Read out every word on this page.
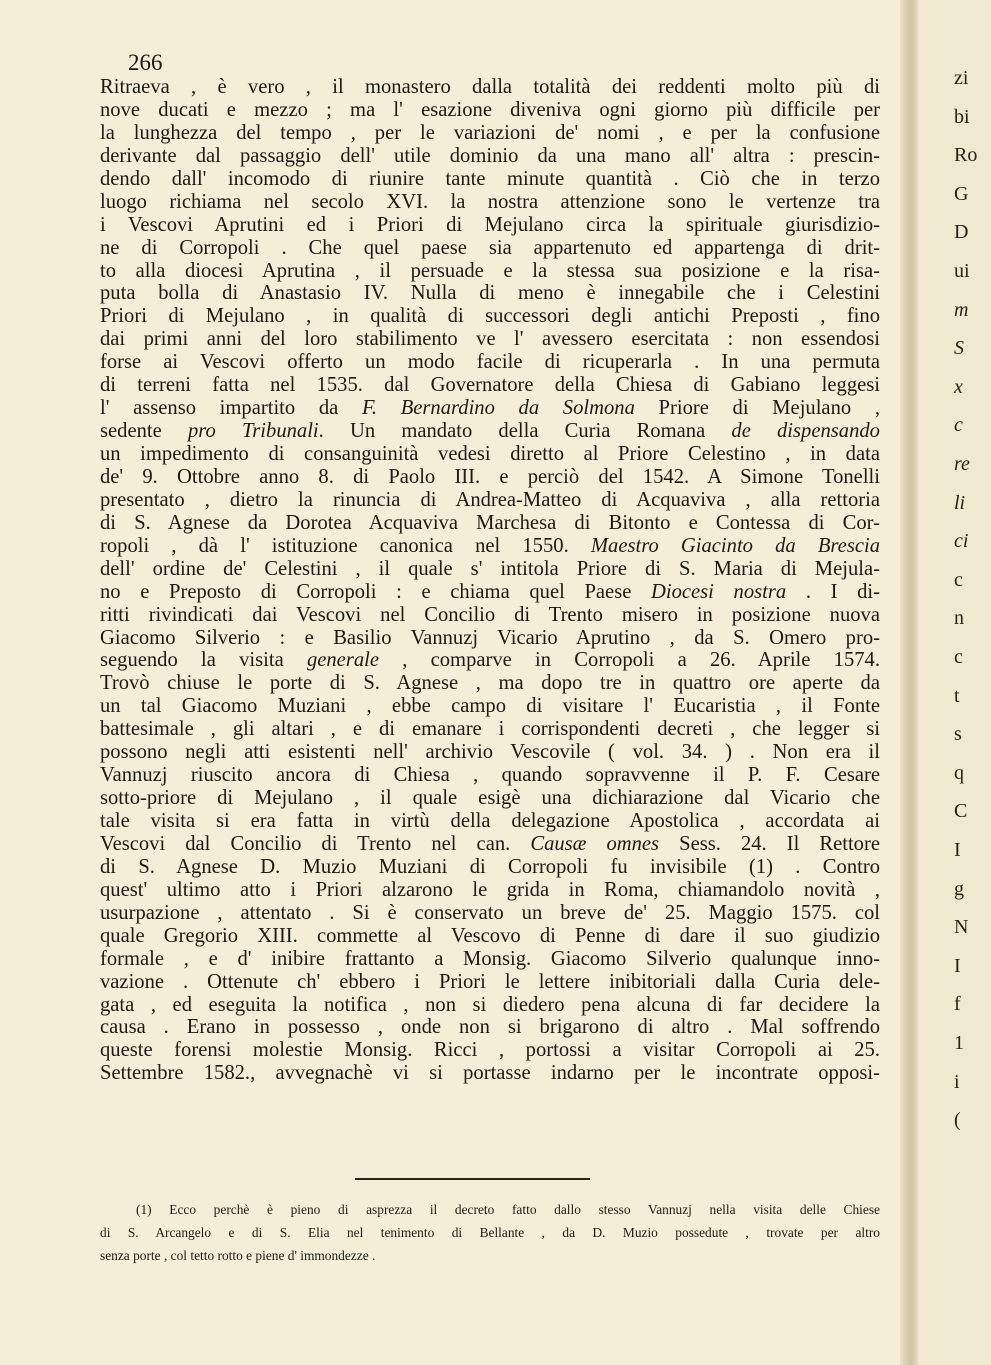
266
Ritraeva , è vero , il monastero dalla totalità dei reddenti molto più di
nove ducati e mezzo ; ma l' esazione diveniva ogni giorno più difficile per
la lunghezza del tempo , per le variazioni de' nomi , e per la confusione
derivante dal passaggio dell' utile dominio da una mano all' altra : prescin-
dendo dall' incomodo di riunire tante minute quantità . Ciò che in terzo
luogo richiama nel secolo XVI. la nostra attenzione sono le vertenze tra
i Vescovi Aprutini ed i Priori di Mejulano circa la spirituale giurisdizio-
ne di Corropoli . Che quel paese sia appartenuto ed appartenga di drit-
to alla diocesi Aprutina , il persuade e la stessa sua posizione e la risa-
puta bolla di Anastasio IV. Nulla di meno è innegabile che i Celestini
Priori di Mejulano , in qualità di successori degli antichi Preposti , fino
dai primi anni del loro stabilimento ve l' avessero esercitata : non essendosi
forse ai Vescovi offerto un modo facile di ricuperarla . In una permuta
di terreni fatta nel 1535. dal Governatore della Chiesa di Gabiano leggesi
l' assenso impartito da F. Bernardino da Solmona Priore di Mejulano ,
sedente pro Tribunali. Un mandato della Curia Romana de dispensando
un impedimento di consanguinità vedesi diretto al Priore Celestino , in data
de' 9. Ottobre anno 8. di Paolo III. e perciò del 1542. A Simone Tonelli
presentato , dietro la rinuncia di Andrea-Matteo di Acquaviva , alla rettoria
di S. Agnese da Dorotea Acquaviva Marchesa di Bitonto e Contessa di Cor-
ropoli , dà l' istituzione canonica nel 1550. Maestro Giacinto da Brescia
dell' ordine de' Celestini , il quale s' intitola Priore di S. Maria di Mejula-
no e Preposto di Corropoli : e chiama quel Paese Diocesi nostra . I di-
ritti rivindicati dai Vescovi nel Concilio di Trento misero in posizione nuova
Giacomo Silverio : e Basilio Vannuzj Vicario Aprutino , da S. Omero pro-
seguendo la visita generale , comparve in Corropoli a 26. Aprile 1574.
Trovò chiuse le porte di S. Agnese , ma dopo tre in quattro ore aperte da
un tal Giacomo Muziani , ebbe campo di visitare l' Eucaristia , il Fonte
battesimale , gli altari , e di emanare i corrispondenti decreti , che legger si
possono negli atti esistenti nell' archivio Vescovile ( vol. 34. ) . Non era il
Vannuzj riuscito ancora di Chiesa , quando sopravvenne il P. F. Cesare
sotto-priore di Mejulano , il quale esigè una dichiarazione dal Vicario che
tale visita si era fatta in virtù della delegazione Apostolica , accordata ai
Vescovi dal Concilio di Trento nel can. Causæ omnes Sess. 24. Il Rettore
di S. Agnese D. Muzio Muziani di Corropoli fu invisibile (1) . Contro
quest' ultimo atto i Priori alzarono le grida in Roma, chiamandolo novità ,
usurpazione , attentato . Si è conservato un breve de' 25. Maggio 1575. col
quale Gregorio XIII. commette al Vescovo di Penne di dare il suo giudizio
formale , e d' inibire frattanto a Monsig. Giacomo Silverio qualunque inno-
vazione . Ottenute ch' ebbero i Priori le lettere inibitoriali dalla Curia dele-
gata , ed eseguita la notifica , non si diedero pena alcuna di far decidere la
causa . Erano in possesso , onde non si brigarono di altro . Mal soffrendo
queste forensi molestie Monsig. Ricci , portossi a visitar Corropoli ai 25.
Settembre 1582., avvegnachè vi si portasse indarno per le incontrate opposi-
(1) Ecco perchè è pieno di asprezza il decreto fatto dallo stesso Vannuzj nella visita delle Chiese
di S. Arcangelo e di S. Elia nel tenimento di Bellante , da D. Muzio possedute , trovate per altro
senza porte , col tetto rotto e piene d' immondezze .
zi
bi
Ro
G
D
ui
m
S
x
c
re
li
ci
c
n
c
t
s
q
C
I
g
N
I
f
1
i
(
